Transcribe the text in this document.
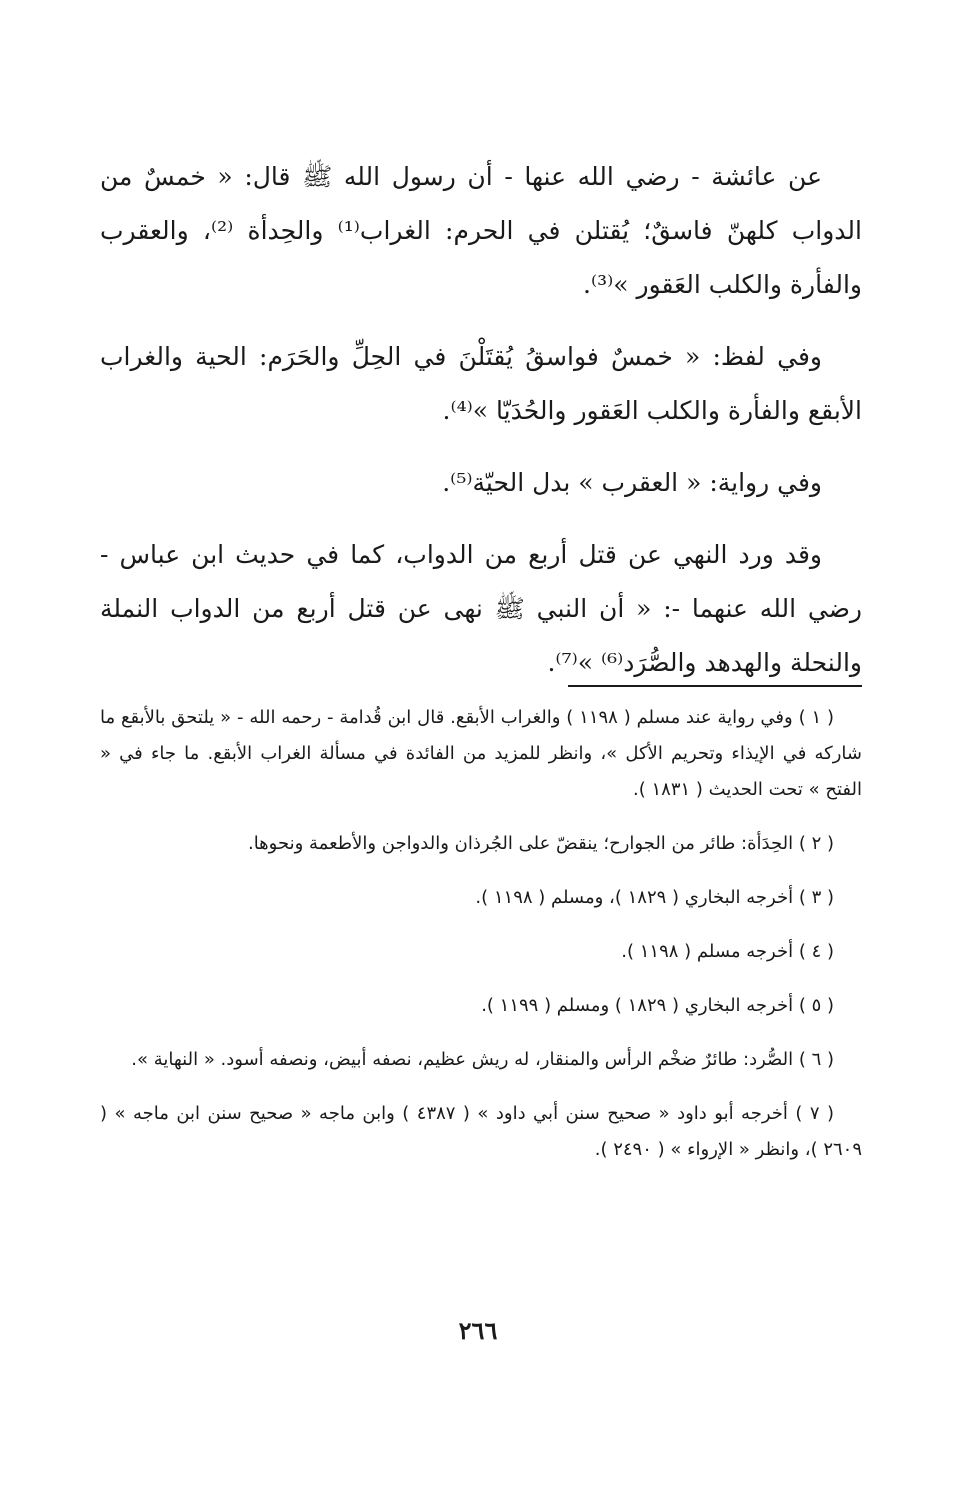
عن عائشة - رضي الله عنها - أن رسول الله ﷺ قال: « خمسٌ من الدواب كلهنّ فاسقٌ؛ يُقتلن في الحرم: الغراب⁽¹⁾ والحِدأة ⁽²⁾، والعقرب والفأرة والكلب العَقور »⁽³⁾.

وفي لفظ: « خمسٌ فواسقُ يُقتَلْنَ في الحِلِّ والحَرَم: الحية والغراب الأبقع والفأرة والكلب العَقور والحُدَيّا »⁽⁴⁾.

وفي رواية: « العقرب » بدل الحيّة⁽⁵⁾.

وقد ورد النهي عن قتل أربع من الدواب، كما في حديث ابن عباس - رضي الله عنهما -: « أن النبي ﷺ نهى عن قتل أربع من الدواب النملة والنحلة والهدهد والصُّرَد⁽⁶⁾ »⁽⁷⁾.

( ١ ) وفي رواية عند مسلم ( ١١٩٨ ) والغراب الأبقع. قال ابن قُدامة - رحمه الله - « يلتحق بالأبقع ما شاركه في الإيذاء وتحريم الأكل »، وانظر للمزيد من الفائدة في مسألة الغراب الأبقع. ما جاء في « الفتح » تحت الحديث ( ١٨٣١ ).

( ٢ ) الحِدَأة: طائر من الجوارح؛ ينقضّ على الجُرذان والدواجن والأطعمة ونحوها.

( ٣ ) أخرجه البخاري ( ١٨٢٩ )، ومسلم ( ١١٩٨ ).

( ٤ ) أخرجه مسلم ( ١١٩٨ ).

( ٥ ) أخرجه البخاري ( ١٨٢٩ ) ومسلم ( ١١٩٩ ).

( ٦ ) الصُّرد: طائرٌ ضخْم الرأس والمنقار، له ريش عظيم، نصفه أبيض، ونصفه أسود. « النهاية ».

( ٧ ) أخرجه أبو داود « صحيح سنن أبي داود » ( ٤٣٨٧ ) وابن ماجه « صحيح سنن ابن ماجه » ( ٢٦٠٩ )، وانظر « الإرواء » ( ٢٤٩٠ ).

٢٦٦
